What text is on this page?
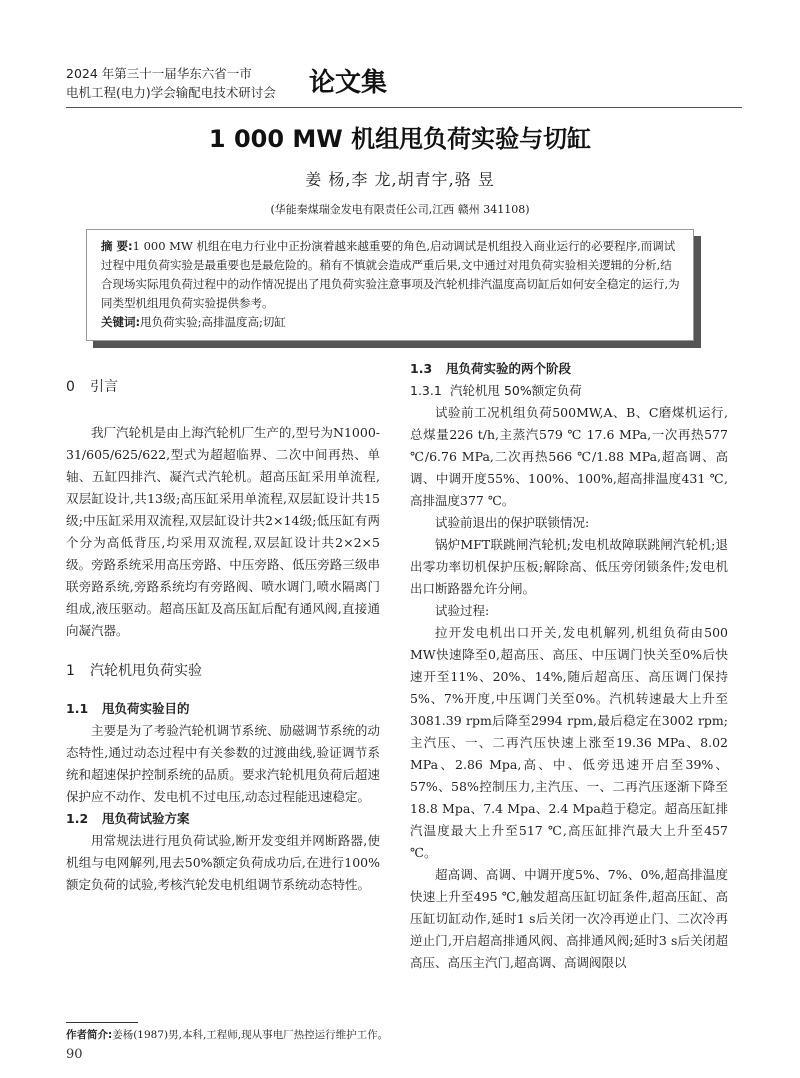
2024 年第三十一届华东六省一市
电机工程(电力)学会输配电技术研讨会	论文集
1 000 MW 机组甩负荷实验与切缸
姜 杨,李 龙,胡青宇,骆 昱
(华能秦煤瑞金发电有限责任公司,江西 赣州 341108)
摘 要:1 000 MW 机组在电力行业中正扮演着越来越重要的角色,启动调试是机组投入商业运行的必要程序,而调试过程中甩负荷实验是最重要也是最危险的。稍有不慎就会造成严重后果,文中通过对甩负荷实验相关逻辑的分析,结合现场实际甩负荷过程中的动作情况提出了甩负荷实验注意事项及汽轮机排汽温度高切缸后如何安全稳定的运行,为同类型机组甩负荷实验提供参考。
关键词:甩负荷实验;高排温度高;切缸
0 引言

我厂汽轮机是由上海汽轮机厂生产的,型号为N1000-31/605/625/622,型式为超超临界、二次中间再热、单轴、五缸四排汽、凝汽式汽轮机。超高压缸采用单流程,双层缸设计,共13级;高压缸采用单流程,双层缸设计共15级;中压缸采用双流程,双层缸设计共2×14级;低压缸有两个分为高低背压,均采用双流程,双层缸设计共2×2×5级。旁路系统采用高压旁路、中压旁路、低压旁路三级串联旁路系统,旁路系统均有旁路阀、喷水调门,喷水隔离门组成,液压驱动。超高压缸及高压缸后配有通风阀,直接通向凝汽器。

1 汽轮机甩负荷实验
1.1 甩负荷实验目的

主要是为了考验汽轮机调节系统、励磁调节系统的动态特性,通过动态过程中有关参数的过渡曲线,验证调节系统和超速保护控制系统的品质。要求汽轮机甩负荷后超速保护应不动作、发电机不过电压,动态过程能迅速稳定。

1.2 甩负荷试验方案

用常规法进行甩负荷试验,断开发变组并网断路器,使机组与电网解列,甩去50%额定负荷成功后,在进行100%额定负荷的试验,考核汽轮发电机组调节系统动态特性。

1.3 甩负荷实验的两个阶段
1.3.1 汽轮机甩 50%额定负荷

试验前工况机组负荷500MW,A、B、C磨煤机运行,总煤量226 t/h,主蒸汽579 ℃ 17.6 MPa,一次再热577 ℃/6.76 MPa,二次再热566 ℃/1.88 MPa,超高调、高调、中调开度55%、100%、100%,超高排温度431 ℃,高排温度377 ℃。

试验前退出的保护联锁情况:

锅炉MFT联跳闸汽轮机;发电机故障联跳闸汽轮机;退出零功率切机保护压板;解除高、低压旁闭锁条件;发电机出口断路器允许分闸。

试验过程:

拉开发电机出口开关,发电机解列,机组负荷由500 MW快速降至0,超高压、高压、中压调门快关至0%后快速开至11%、20%、14%,随后超高压、高压调门保持5%、7%开度,中压调门关至0%。汽机转速最大上升至3081.39 rpm后降至2994 rpm,最后稳定在3002 rpm;主汽压、一、二再汽压快速上涨至19.36 MPa、8.02 MPa、2.86 Mpa,高、中、低旁迅速开启至39%、57%、58%控制压力,主汽压、一、二再汽压逐渐下降至18.8 Mpa、7.4 Mpa、2.4 Mpa趋于稳定。超高压缸排汽温度最大上升至517 ℃,高压缸排汽最大上升至457 ℃。

超高调、高调、中调开度5%、7%、0%,超高排温度快速上升至495 ℃,触发超高压缸切缸条件,超高压缸、高压缸切缸动作,延时1 s后关闭一次冷再逆止门、二次冷再逆止门,开启超高排通风阀、高排通风阀;延时3 s后关闭超高压、高压主汽门,超高调、高调阀限以

作者简介:姜杨(1987)男,本科,工程师,现从事电厂热控运行维护工作。
90
